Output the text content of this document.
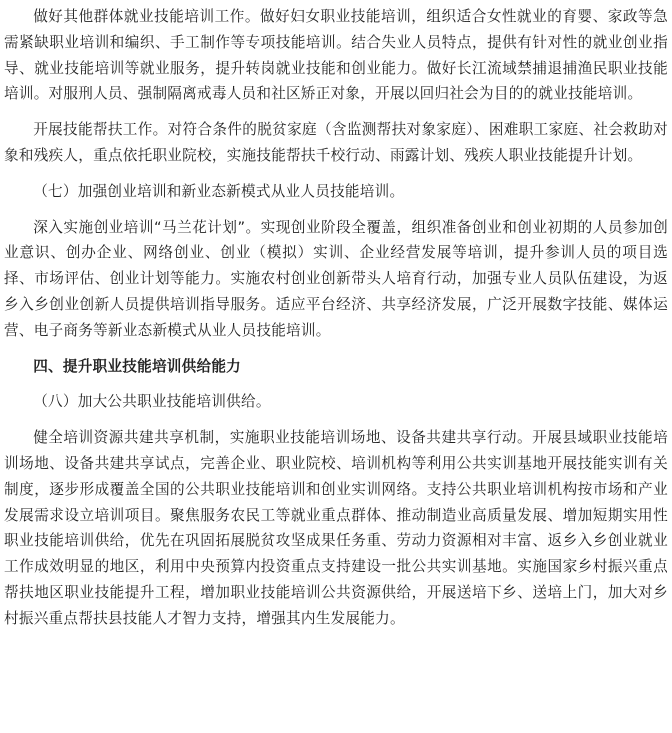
做好其他群体就业技能培训工作。做好妇女职业技能培训，组织适合女性就业的育婴、家政等急需紧缺职业培训和编织、手工制作等专项技能培训。结合失业人员特点，提供有针对性的就业创业指导、就业技能培训等就业服务，提升转岗就业技能和创业能力。做好长江流域禁捕退捕渔民职业技能培训。对服刑人员、强制隔离戒毒人员和社区矫正对象，开展以回归社会为目的的就业技能培训。

开展技能帮扶工作。对符合条件的脱贫家庭（含监测帮扶对象家庭）、困难职工家庭、社会救助对象和残疾人，重点依托职业院校，实施技能帮扶千校行动、雨露计划、残疾人职业技能提升计划。

（七）加强创业培训和新业态新模式从业人员技能培训。

深入实施创业培训“马兰花计划”。实现创业阶段全覆盖，组织准备创业和创业初期的人员参加创业意识、创办企业、网络创业、创业（模拟）实训、企业经营发展等培训，提升参训人员的项目选择、市场评估、创业计划等能力。实施农村创业创新带头人培育行动，加强专业人员队伍建设，为返乡入乡创业创新人员提供培训指导服务。适应平台经济、共享经济发展，广泛开展数字技能、媒体运营、电子商务等新业态新模式从业人员技能培训。

四、提升职业技能培训供给能力

（八）加大公共职业技能培训供给。

健全培训资源共建共享机制，实施职业技能培训场地、设备共建共享行动。开展县域职业技能培训场地、设备共建共享试点，完善企业、职业院校、培训机构等利用公共实训基地开展技能实训有关制度，逐步形成覆盖全国的公共职业技能培训和创业实训网络。支持公共职业培训机构按市场和产业发展需求设立培训项目。聚焦服务农民工等就业重点群体、推动制造业高质量发展、增加短期实用性职业技能培训供给，优先在巩固拓展脱贫攻坚成果任务重、劳动力资源相对丰富、返乡入乡创业就业工作成效明显的地区，利用中央预算内投资重点支持建设一批公共实训基地。实施国家乡村振兴重点帮扶地区职业技能提升工程，增加职业技能培训公共资源供给，开展送培下乡、送培上门，加大对乡村振兴重点帮扶县技能人才智力支持，增强其内生发展能力。
